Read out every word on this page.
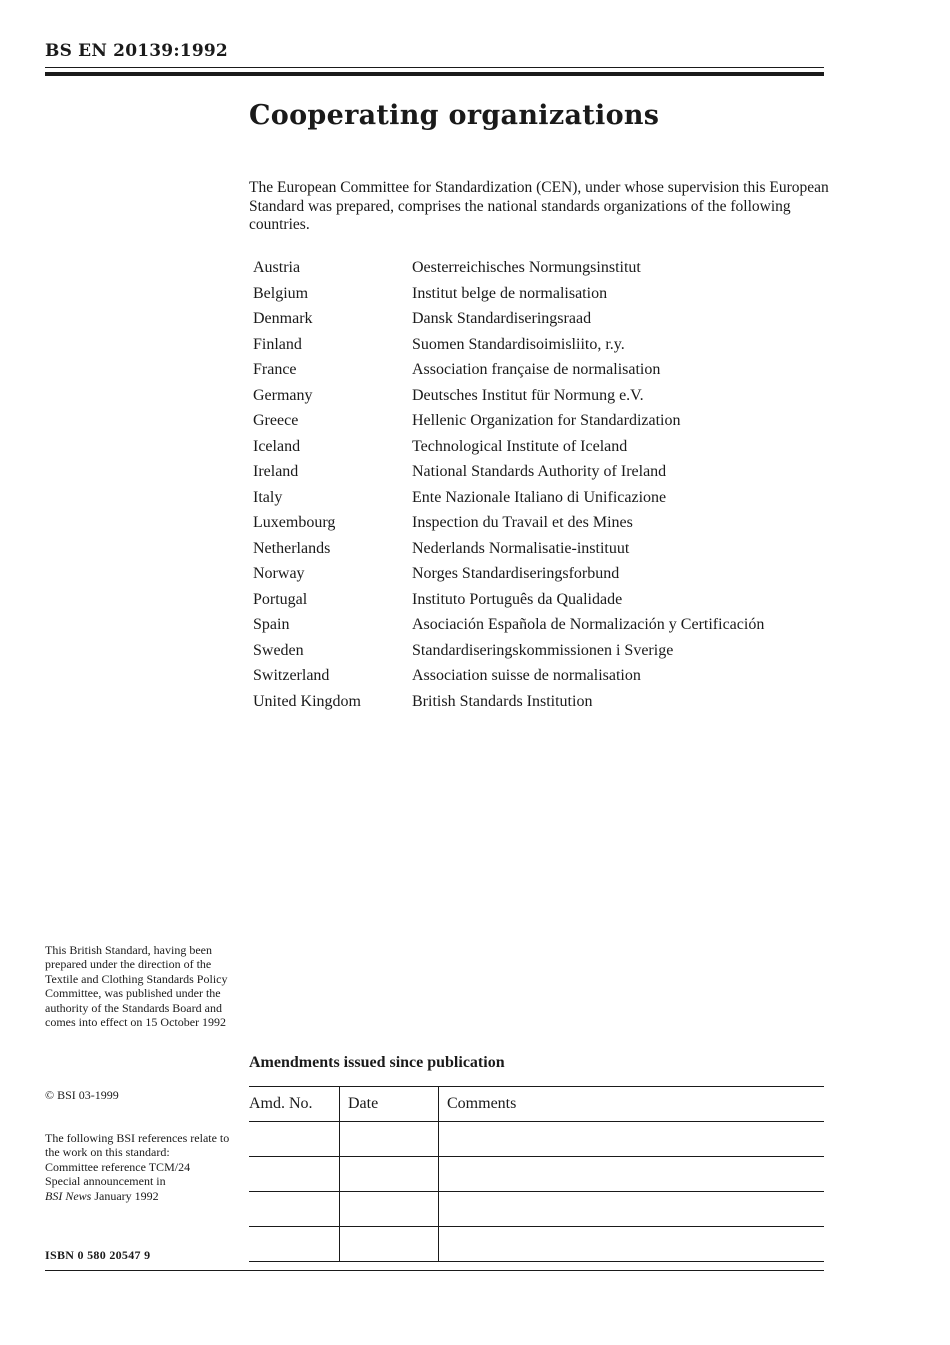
BS EN 20139:1992
Cooperating organizations
The European Committee for Standardization (CEN), under whose supervision this European Standard was prepared, comprises the national standards organizations of the following countries.
Austria	Oesterreichisches Normungsinstitut
Belgium	Institut belge de normalisation
Denmark	Dansk Standardiseringsraad
Finland	Suomen Standardisoimisliito, r.y.
France	Association française de normalisation
Germany	Deutsches Institut für Normung e.V.
Greece	Hellenic Organization for Standardization
Iceland	Technological Institute of Iceland
Ireland	National Standards Authority of Ireland
Italy	Ente Nazionale Italiano di Unificazione
Luxembourg	Inspection du Travail et des Mines
Netherlands	Nederlands Normalisatie-instituut
Norway	Norges Standardiseringsforbund
Portugal	Instituto Português da Qualidade
Spain	Asociación Española de Normalización y Certificación
Sweden	Standardiseringskommissionen i Sverige
Switzerland	Association suisse de normalisation
United Kingdom	British Standards Institution
This British Standard, having been prepared under the direction of the Textile and Clothing Standards Policy Committee, was published under the authority of the Standards Board and comes into effect on 15 October 1992
© BSI 03-1999
The following BSI references relate to the work on this standard:
Committee reference TCM/24
Special announcement in
BSI News January 1992
ISBN 0 580 20547 9
Amendments issued since publication
Amd. No.	Date	Comments
